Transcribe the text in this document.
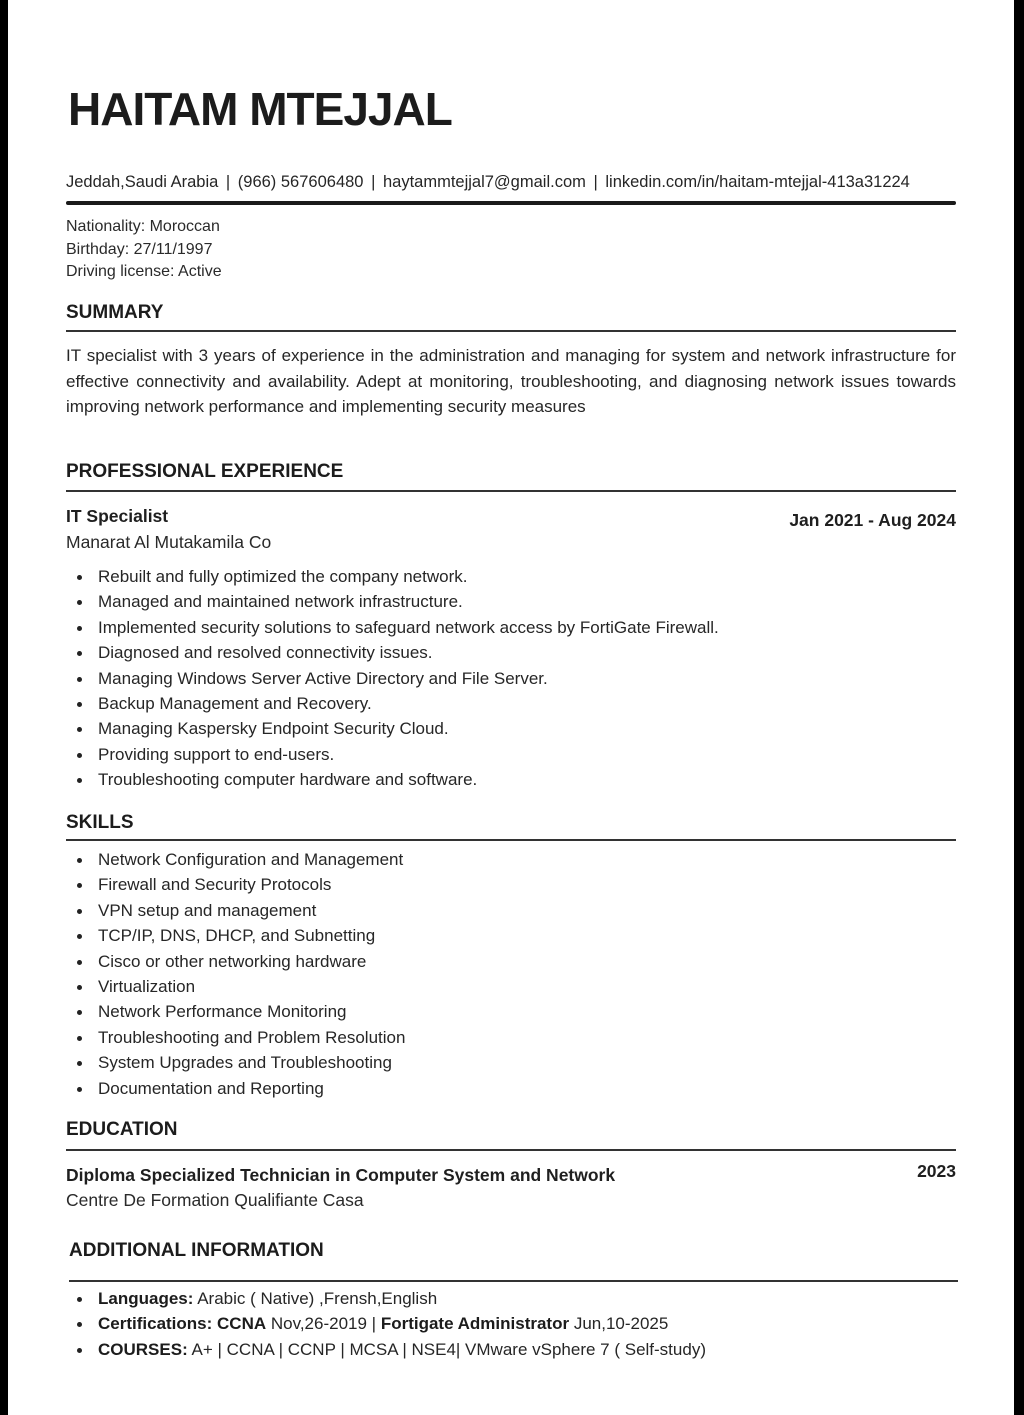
HAITAM MTEJJAL
Jeddah,Saudi Arabia | (966) 567606480 | haytammtejjal7@gmail.com | linkedin.com/in/haitam-mtejjal-413a31224
Nationality: Moroccan
Birthday: 27/11/1997
Driving license: Active
SUMMARY

IT specialist with 3 years of experience in the administration and managing for system and network infrastructure for effective connectivity and availability. Adept at monitoring, troubleshooting, and diagnosing network issues towards improving network performance and implementing security measures

PROFESSIONAL EXPERIENCE
IT Specialist	Jan 2021 - Aug 2024
Manarat Al Mutakamila Co
Rebuilt and fully optimized the company network.
Managed and maintained network infrastructure.
Implemented security solutions to safeguard network access by FortiGate Firewall.
Diagnosed and resolved connectivity issues.
Managing Windows Server Active Directory and File Server.
Backup Management and Recovery.
Managing Kaspersky Endpoint Security Cloud.
Providing support to end-users.
Troubleshooting computer hardware and software.
SKILLS
Network Configuration and Management
Firewall and Security Protocols
VPN setup and management
TCP/IP, DNS, DHCP, and Subnetting
Cisco or other networking hardware
Virtualization
Network Performance Monitoring
Troubleshooting and Problem Resolution
System Upgrades and Troubleshooting
Documentation and Reporting
EDUCATION
Diploma Specialized Technician in Computer System and Network	2023
Centre De Formation Qualifiante Casa
ADDITIONAL INFORMATION
Languages: Arabic ( Native) ,Frensh,English
Certifications: CCNA Nov,26-2019 | Fortigate Administrator Jun,10-2025
COURSES: A+ | CCNA | CCNP | MCSA | NSE4| VMware vSphere 7 ( Self-study)
